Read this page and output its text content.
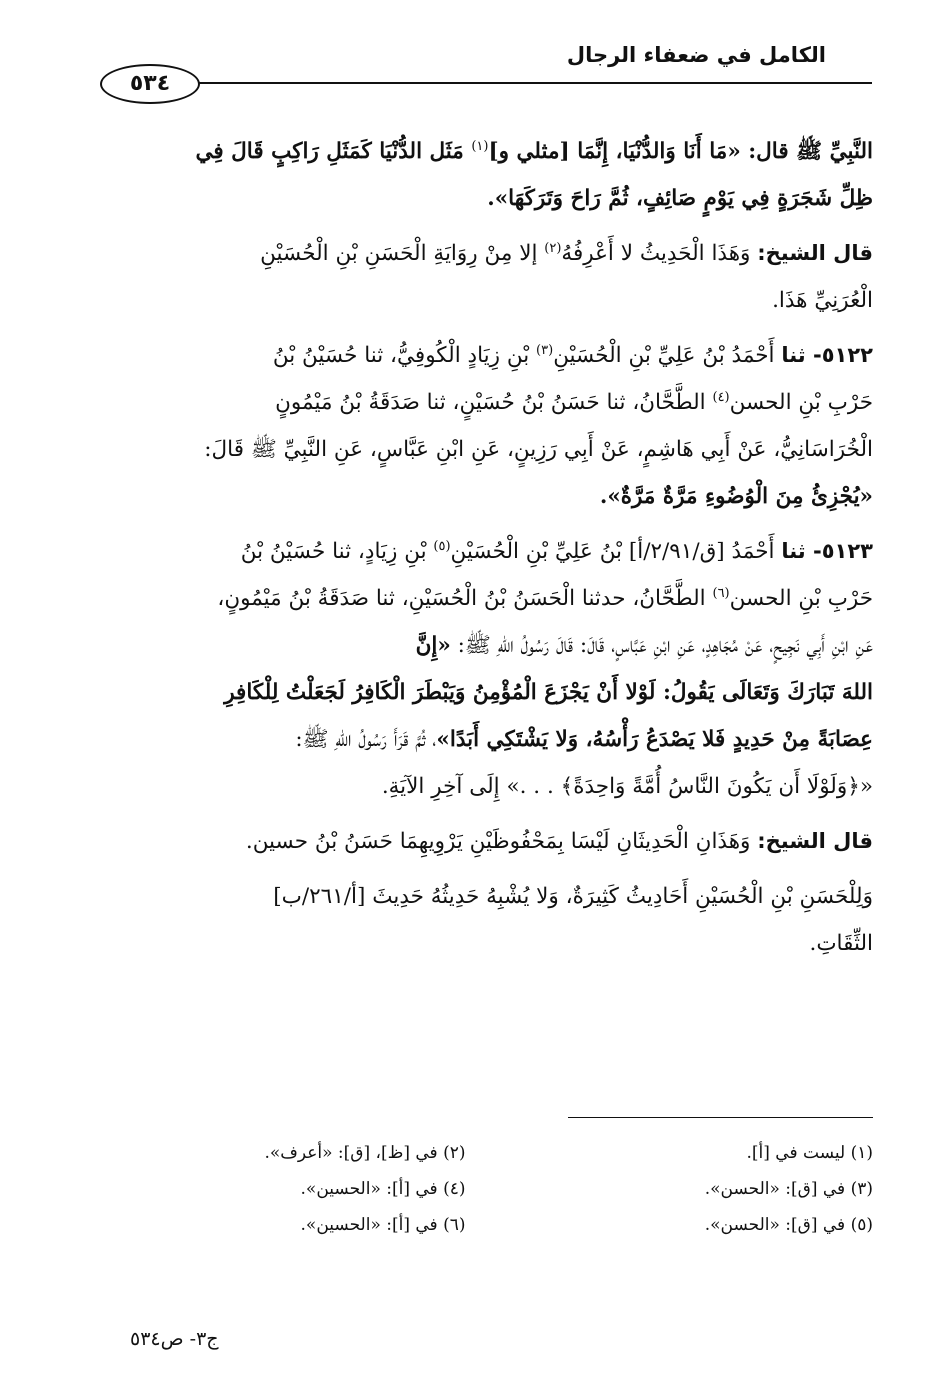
الكامل في ضعفاء الرجال
٥٣٤

النَّبِيِّ ﷺ قال: «مَا أَنَا وَالدُّنْيَا، إِنَّمَا [مثلي و]$^{(١)}$ مَثَل الدُّنْيَا كَمَثَلِ رَاكِبٍ قَالَ فِي
ظِلِّ شَجَرَةٍ فِي يَوْمٍ صَائِفٍ، ثُمَّ رَاحَ وَتَرَكَهَا».

قال الشيخ: وَهَذَا الْحَدِيثُ لا أَعْرِفُهُ$^{(٢)}$ إلا مِنْ رِوَايَةِ الْحَسَنِ بْنِ الْحُسَيْنِ
الْعُرَنِيِّ هَذَا.

٥١٢٢- ثنا أَحْمَدُ بْنُ عَلِيِّ بْنِ الْحُسَيْنِ$^{(٣)}$ بْنِ زِيَادٍ الْكُوفِيُّ، ثنا حُسَيْنُ بْنُ
حَرْبِ بْنِ الحسن$^{(٤)}$ الطَّحَّانُ، ثنا حَسَنُ بْنُ حُسَيْنٍ، ثنا صَدَقَةُ بْنُ مَيْمُونٍ
الْخُرَاسَانِيُّ، عَنْ أَبِي هَاشِمٍ، عَنْ أَبِي رَزِينٍ، عَنِ ابْنِ عَبَّاسٍ، عَنِ النَّبِيِّ ﷺ قَالَ:
«يُجْزِئُ مِنَ الْوُضُوءِ مَرَّةٌ مَرَّةٌ».

٥١٢٣- ثنا أَحْمَدُ [ق/٢/٩١/أ] بْنُ عَلِيِّ بْنِ الْحُسَيْنِ$^{(٥)}$ بْنِ زِيَادٍ، ثنا حُسَيْنُ بْنُ
حَرْبِ بْنِ الحسن$^{(٦)}$ الطَّحَّانُ، حدثنا الْحَسَنُ بْنُ الْحُسَيْنِ، ثنا صَدَقَةُ بْنُ مَيْمُونٍ،
عَنِ ابْنِ أَبِي نَجِيحٍ، عَنْ مُجَاهِدٍ، عَنِ ابْنِ عَبَّاسٍ، قَالَ: قَالَ رَسُولُ اللهِ ﷺ: «إِنَّ
اللهَ تَبَارَكَ وَتَعَالَى يَقُولُ: لَوْلا أَنْ يَجْزَعَ الْمُؤْمِنُ وَيَبْطَرَ الْكَافِرُ لَجَعَلْتُ لِلْكَافِرِ
عِصَابَةً مِنْ حَدِيدٍ فَلا يَصْدَعُ رَأْسُهُ، وَلا يَشْتَكِي أَبَدًا»، ثُمَّ قَرَأَ رَسُولُ اللهِ ﷺ:
«﴿وَلَوْلَا أَن يَكُونَ النَّاسُ أُمَّةً وَاحِدَةً﴾ . . .» إِلَى آخِرِ الآيَةِ.

قال الشيخ: وَهَذَانِ الْحَدِيثَانِ لَيْسَا بِمَحْفُوظَيْنِ يَرْوِيهِمَا حَسَنُ بْنُ حسين.

وَلِلْحَسَنِ بْنِ الْحُسَيْنِ أَحَادِيثُ كَثِيرَةٌ، وَلا يُشْبِهُ حَدِيثُهُ حَدِيثَ [أ/٢٦١/ب]
الثِّقَاتِ.

(١) ليست في [أ].
(٢) في [ظ]، [ق]: «أعرف».
(٣) في [ق]: «الحسن».
(٤) في [أ]: «الحسين».
(٥) في [ق]: «الحسن».
(٦) في [أ]: «الحسين».
ج٣- ص٥٣٤
